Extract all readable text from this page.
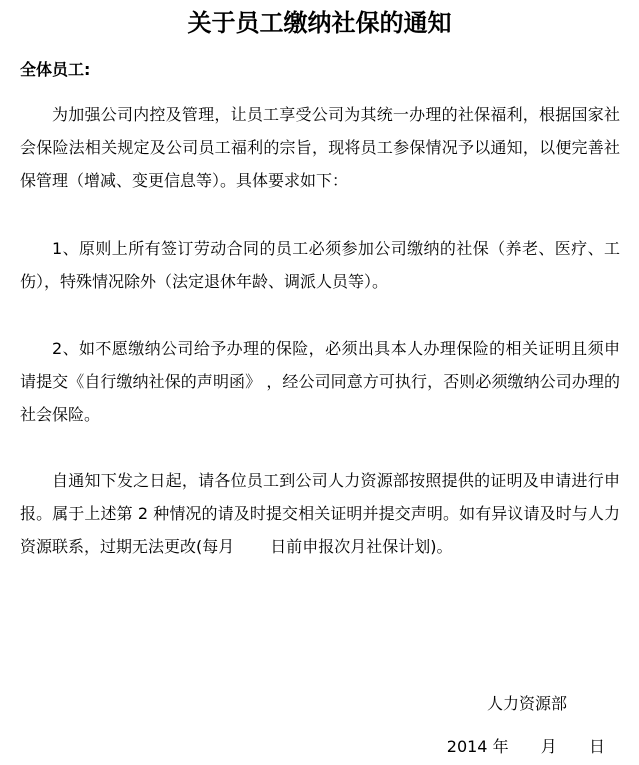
关于员工缴纳社保的通知
全体员工:

为加强公司内控及管理，让员工享受公司为其统一办理的社保福利，根据国家社会保险法相关规定及公司员工福利的宗旨，现将员工参保情况予以通知，以便完善社保管理（增减、变更信息等）。具体要求如下：

1、原则上所有签订劳动合同的员工必须参加公司缴纳的社保（养老、医疗、工伤），特殊情况除外（法定退休年龄、调派人员等）。

2、如不愿缴纳公司给予办理的保险，必须出具本人办理保险的相关证明且须申请提交《自行缴纳社保的声明函》 ，经公司同意方可执行，否则必须缴纳公司办理的社会保险。

自通知下发之日起，请各位员工到公司人力资源部按照提供的证明及申请进行申报。属于上述第 2 种情况的请及时提交相关证明并提交声明。如有异议请及时与人力资源联系，过期无法更改(每月 日前申报次月社保计划)。

人力资源部
2014 年 月 日
